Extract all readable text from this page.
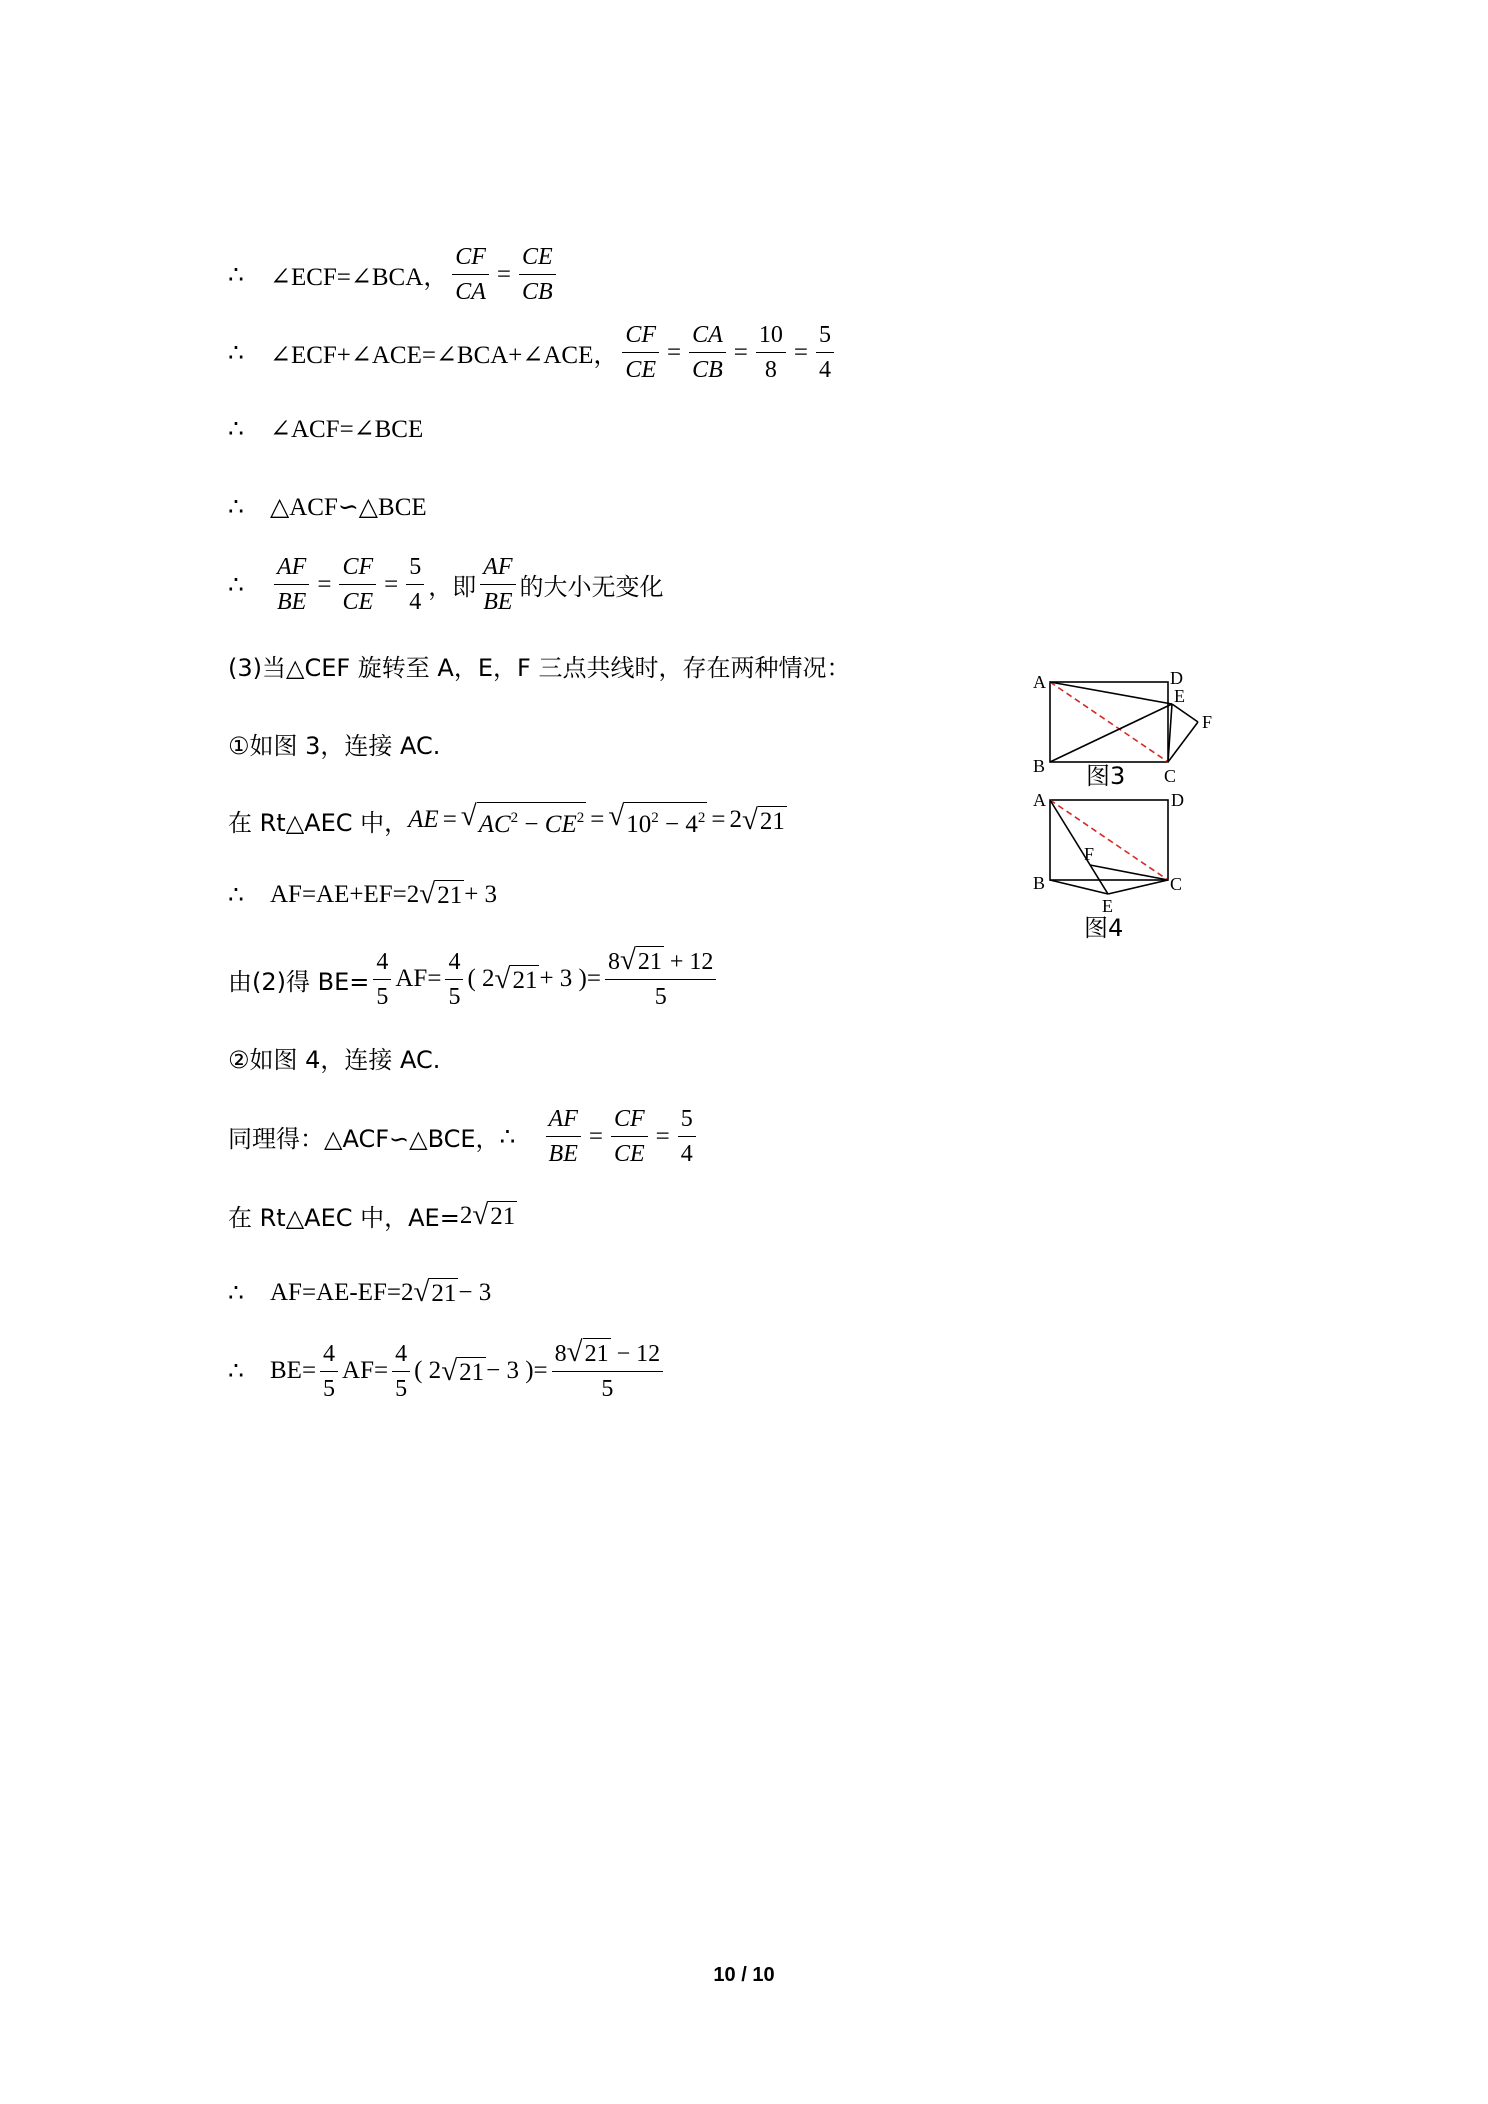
∴	∠ECF=∠BCA， $\frac{CF}{CA} = \frac{CE}{CB}$
∴	∠ECF+∠ACE=∠BCA+∠ACE， $\frac{CF}{CE} = \frac{CA}{CB} = \frac{10}{8} = \frac{5}{4}$
∴	∠ACF=∠BCE
∴	△ACF∽△BCE
∴	$\frac{AF}{BE} = \frac{CF}{CE} = \frac{5}{4}$ ，即 $\frac{AF}{BE}$ 的大小无变化
(3)当△CEF 旋转至 A，E，F 三点共线时，存在两种情况：
①如图 3，连接 AC.
在 Rt△AEC 中， AE = √ $AC^2 - CE^2$ = √ $10^2 - 4^2 = 2$ √ 21
∴	AF=AE+EF= 2 √ 21 + 3
由(2)得 $BE= \frac{4}{5} AF= \frac{4}{5}$ ( 2 √ 21 + 3 )= $\frac{8 √ 21 + 12}{5}$
②如图 4，连接 AC.
同理得：△ACF∽△BCE， ∴	$\frac{AF}{BE} = \frac{CF}{CE} = \frac{5}{4}$
在 Rt△AEC 中，AE= 2 √ 21
∴	AF=AE-EF= 2 √ 21 − 3
∴	$BE= \frac{4}{5} AF= \frac{4}{5}$ ( 2 √ 21 − 3 )= $\frac{8 √ 21 - 12}{5}$
A
B	C
D
E
F
图3
A
B	C
D
E
F
图4
10 / 10
